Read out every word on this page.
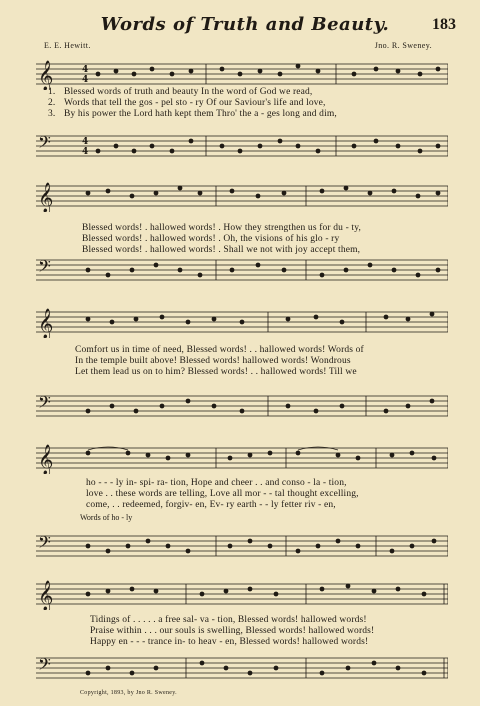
Words of Truth and Beauty.	183
E. E. Hewitt.	Jno. R. Sweney.
𝄞	4
4
𝄢	4
4
1. Blessed words of truth and beauty In the word of God we read,
2. Words that tell the gos - pel sto - ry Of our Saviour's life and love,
3. By his power the Lord hath kept them Thro' the a - ges long and dim,
𝄞
𝄢
Blessed words! . hallowed words! . How they strengthen us for du - ty,
Blessed words! . hallowed words! . Oh, the visions of his glo - ry
Blessed words! . hallowed words! . Shall we not with joy accept them,
𝄞
𝄢
Comfort us in time of need, Blessed words! . . hallowed words! Words of
In the temple built above! Blessed words! hallowed words! Wondrous
Let them lead us on to him? Blessed words! . . hallowed words! Till we
𝄞
𝄢
ho - - - ly in- spi- ra- tion, Hope and cheer . . and conso - la - tion,
love . . these words are telling, Love all mor - - tal thought excelling,
come, . . redeemed, forgiv- en, Ev- ry earth - - ly fetter riv - en,
Words of ho - ly
𝄞
𝄢
Tidings of . . . . . a free sal- va - tion, Blessed words! hallowed words!
Praise within . . . our souls is swelling, Blessed words! hallowed words!
Happy en - - - trance in- to heav - en, Blessed words! hallowed words!
Copyright, 1893, by Jno R. Sweney.
